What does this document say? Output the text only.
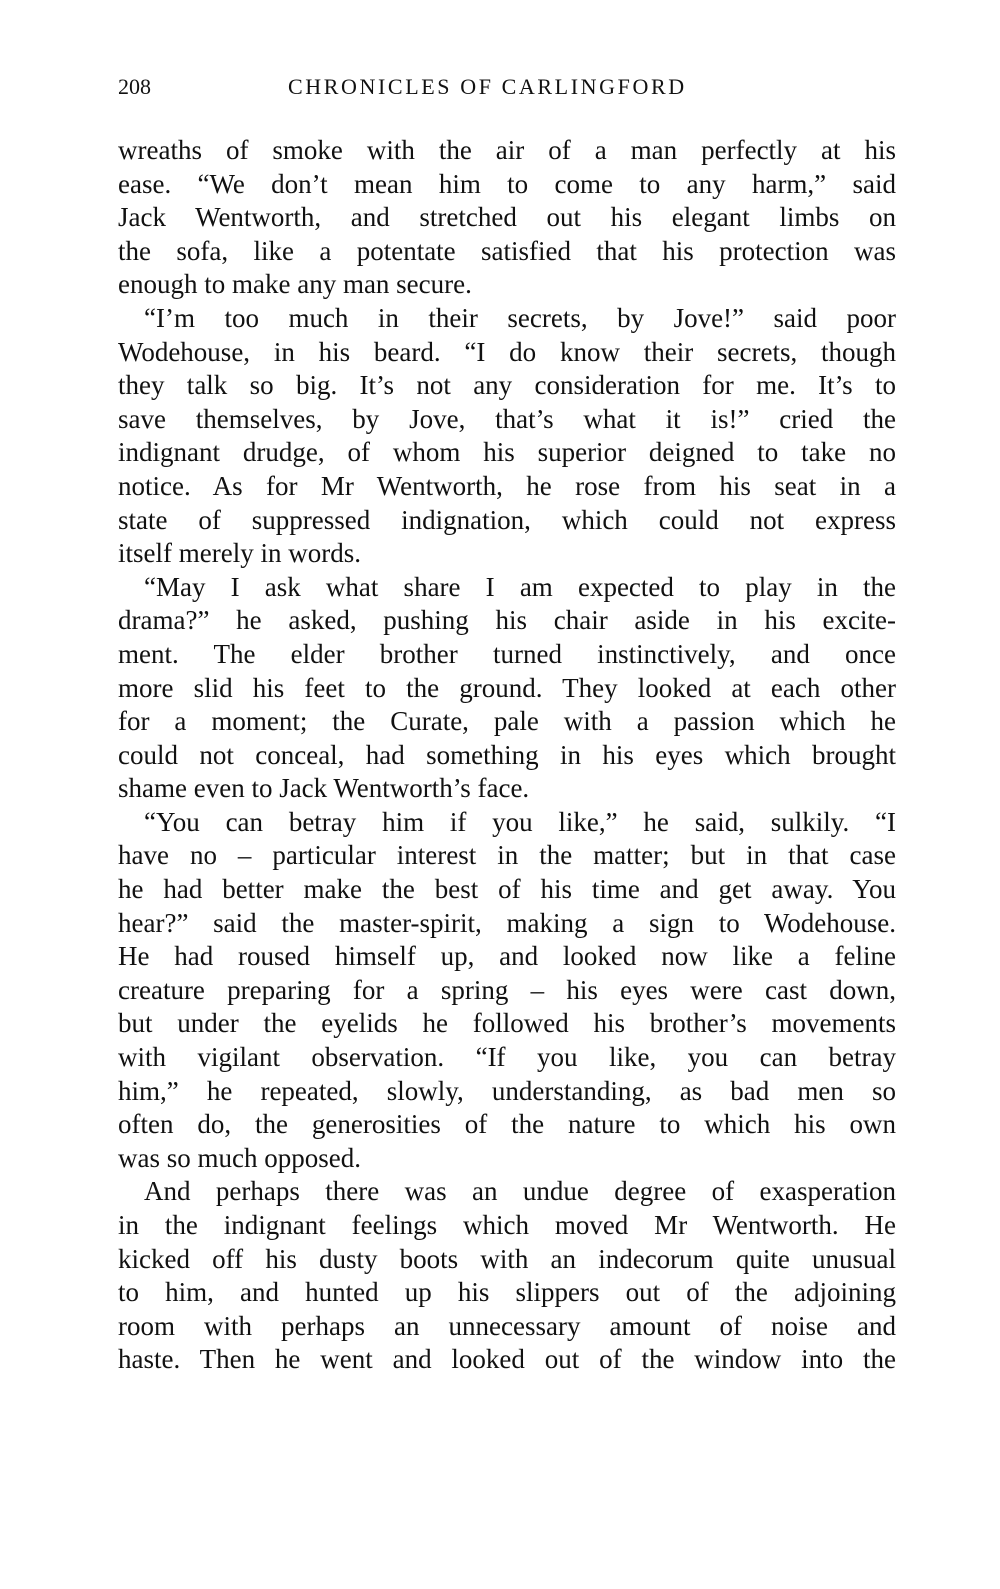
208	CHRONICLES OF CARLINGFORD
wreaths of smoke with the air of a man perfectly at his
ease. “We don’t mean him to come to any harm,” said
Jack Wentworth, and stretched out his elegant limbs on
the sofa, like a potentate satisfied that his protection was
enough to make any man secure.
“I’m too much in their secrets, by Jove!” said poor
Wodehouse, in his beard. “I do know their secrets, though
they talk so big. It’s not any consideration for me. It’s to
save themselves, by Jove, that’s what it is!” cried the
indignant drudge, of whom his superior deigned to take no
notice. As for Mr Wentworth, he rose from his seat in a
state of suppressed indignation, which could not express
itself merely in words.
“May I ask what share I am expected to play in the
drama?” he asked, pushing his chair aside in his excite-
ment. The elder brother turned instinctively, and once
more slid his feet to the ground. They looked at each other
for a moment; the Curate, pale with a passion which he
could not conceal, had something in his eyes which brought
shame even to Jack Wentworth’s face.
“You can betray him if you like,” he said, sulkily. “I
have no – particular interest in the matter; but in that case
he had better make the best of his time and get away. You
hear?” said the master-spirit, making a sign to Wodehouse.
He had roused himself up, and looked now like a feline
creature preparing for a spring – his eyes were cast down,
but under the eyelids he followed his brother’s movements
with vigilant observation. “If you like, you can betray
him,” he repeated, slowly, understanding, as bad men so
often do, the generosities of the nature to which his own
was so much opposed.
And perhaps there was an undue degree of exasperation
in the indignant feelings which moved Mr Wentworth. He
kicked off his dusty boots with an indecorum quite unusual
to him, and hunted up his slippers out of the adjoining
room with perhaps an unnecessary amount of noise and
haste. Then he went and looked out of the window into the
